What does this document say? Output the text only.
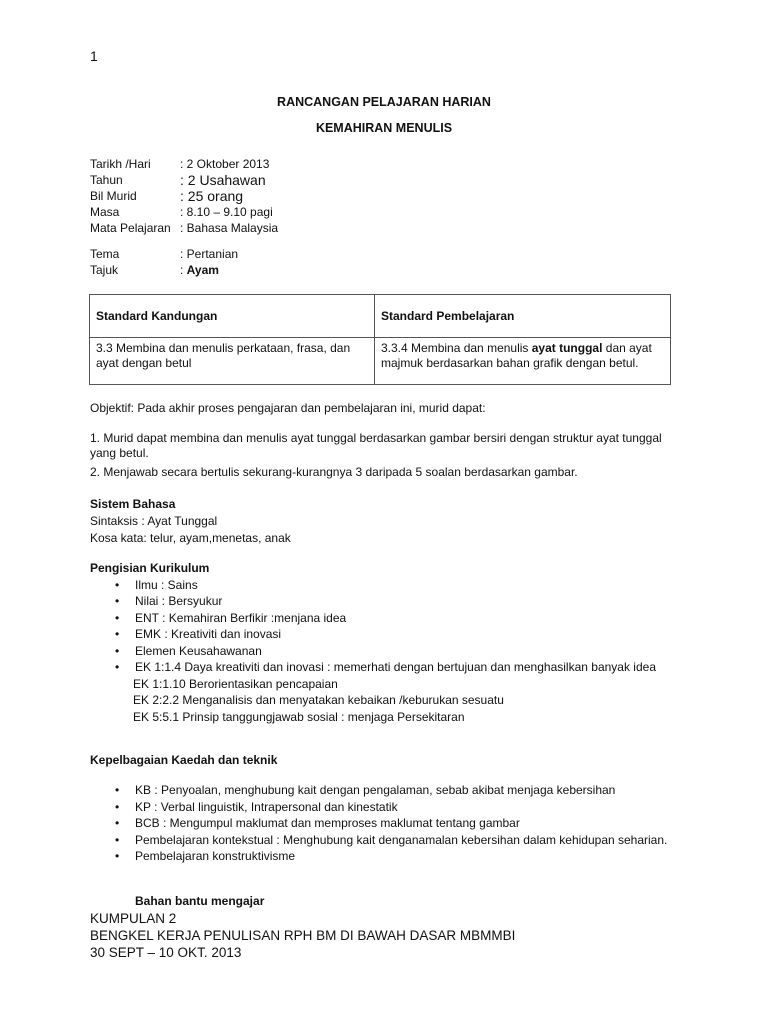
1
RANCANGAN PELAJARAN HARIAN
KEMAHIRAN MENULIS
Tarikh /Hari	: 2 Oktober 2013
Tahun	: 2 Usahawan
Bil Murid	: 25 orang
Masa	: 8.10 – 9.10 pagi
Mata Pelajaran : Bahasa Malaysia
Tema	: Pertanian
Tajuk	: Ayam
Standard Kandungan	Standard Pembelajaran
3.3 Membina dan menulis perkataan, frasa, dan ayat dengan betul	3.3.4 Membina dan menulis ayat tunggal dan ayat majmuk berdasarkan bahan grafik dengan betul.
Objektif: Pada akhir proses pengajaran dan pembelajaran ini, murid dapat:
1. Murid dapat membina dan menulis ayat tunggal berdasarkan gambar bersiri dengan struktur ayat tunggal yang betul.
2. Menjawab secara bertulis sekurang-kurangnya 3 daripada 5 soalan berdasarkan gambar.
Sistem Bahasa
Sintaksis : Ayat Tunggal
Kosa kata: telur, ayam,menetas, anak
Pengisian Kurikulum
• Ilmu : Sains
• Nilai : Bersyukur
• ENT : Kemahiran Berfikir :menjana idea
• EMK : Kreativiti dan inovasi
• Elemen Keusahawanan
• EK 1:1.4 Daya kreativiti dan inovasi : memerhati dengan bertujuan dan menghasilkan banyak idea
EK 1:1.10 Berorientasikan pencapaian
EK 2:2.2 Menganalisis dan menyatakan kebaikan /keburukan sesuatu
EK 5:5.1 Prinsip tanggungjawab sosial : menjaga Persekitaran
Kepelbagaian Kaedah dan teknik
• KB : Penyoalan, menghubung kait dengan pengalaman, sebab akibat menjaga kebersihan
• KP : Verbal linguistik, Intrapersonal dan kinestatik
• BCB : Mengumpul maklumat dan memproses maklumat tentang gambar
• Pembelajaran kontekstual : Menghubung kait denganamalan kebersihan dalam kehidupan seharian.
• Pembelajaran konstruktivisme
Bahan bantu mengajar
KUMPULAN 2
BENGKEL KERJA PENULISAN RPH BM DI BAWAH DASAR MBMMBI
30 SEPT – 10 OKT. 2013
